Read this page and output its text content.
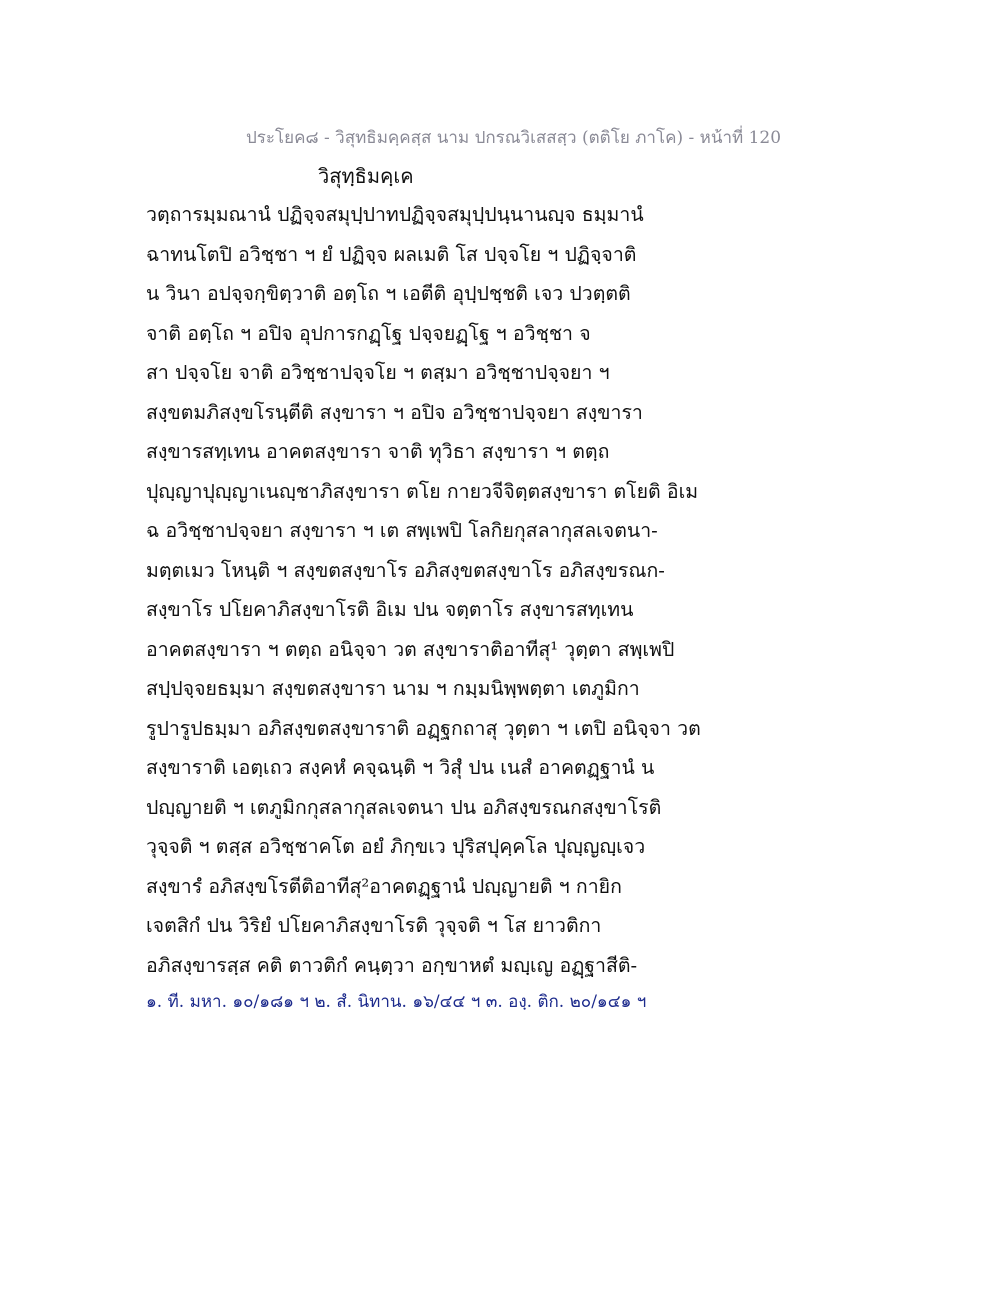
ประโยค๘ - วิสุทธิมคฺคสฺส นาม ปกรณวิเสสสฺว (ตติโย ภาโค) - หน้าที่ 120
วิสุทฺธิมคฺเค
วตฺถารมฺมณานํ ปฏิจฺจสมุปฺปาทปฏิจฺจสมุปฺปนฺนานญฺจ ธมฺมานํ
ฉาทนโตปิ อวิชฺชา ฯ ยํ ปฏิจฺจ ผลเมติ โส ปจฺจโย ฯ ปฏิจฺจาติ
น วินา อปจฺจกฺขิตฺวาติ อตฺโถ ฯ เอตีติ อุปฺปชฺชติ เจว ปวตฺตติ
จาติ อตฺโถ ฯ อปิจ อุปการกฏฺโฐ ปจฺจยฏฺโฐ ฯ อวิชฺชา จ
สา ปจฺจโย จาติ อวิชฺชาปจฺจโย ฯ ตสฺมา อวิชฺชาปจฺจยา ฯ
สงฺขตมภิสงฺขโรนฺตีติ สงฺขารา ฯ อปิจ อวิชฺชาปจฺจยา สงฺขารา
สงฺขารสทฺเทน อาคตสงฺขารา จาติ ทุวิธา สงฺขารา ฯ ตตฺถ
ปุญฺญาปุญฺญาเนญฺชาภิสงฺขารา ตโย กายวจีจิตฺตสงฺขารา ตโยติ อิเม
ฉ อวิชฺชาปจฺจยา สงฺขารา ฯ เต สพฺเพปิ โลกิยกุสลากุสลเจตนา-
มตฺตเมว โหนฺติ ฯ สงฺขตสงฺขาโร อภิสงฺขตสงฺขาโร อภิสงฺขรณก-
สงฺขาโร ปโยคาภิสงฺขาโรติ อิเม ปน จตฺตาโร สงฺขารสทฺเทน
อาคตสงฺขารา ฯ ตตฺถ อนิจฺจา วต สงฺขาราติอาทีสุ¹ วุตฺตา สพฺเพปิ
สปฺปจฺจยธมฺมา สงฺขตสงฺขารา นาม ฯ กมฺมนิพฺพตฺตา เตภูมิกา
รูปารูปธมฺมา อภิสงฺขตสงฺขาราติ อฏฺฐกถาสุ วุตฺตา ฯ เตปิ อนิจฺจา วต
สงฺขาราติ เอตฺเถว สงฺคหํ คจฺฉนฺติ ฯ วิสุํ ปน เนสํ อาคตฏฺฐานํ น
ปญฺญายติ ฯ เตภูมิกกุสลากุสลเจตนา ปน อภิสงฺขรณกสงฺขาโรติ
วุจฺจติ ฯ ตสฺส อวิชฺชาคโต อยํ ภิกฺขเว ปุริสปุคฺคโล ปุญฺญญฺเจว
สงฺขารํ อภิสงฺขโรตีติอาทีสุ²อาคตฏฺฐานํ ปญฺญายติ ฯ กายิก
เจตสิกํ ปน วิริยํ ปโยคาภิสงฺขาโรติ วุจฺจติ ฯ โส ยาวติกา
อภิสงฺขารสฺส คติ ตาวติกํ คนฺตฺวา อกฺขาหตํ มญฺเญ อฏฺฐาสีติ-
๑. ที. มหา. ๑๐/๑๘๑ ฯ ๒. สํ. นิทาน. ๑๖/๔๔ ฯ ๓. องฺ. ติก. ๒๐/๑๔๑ ฯ
